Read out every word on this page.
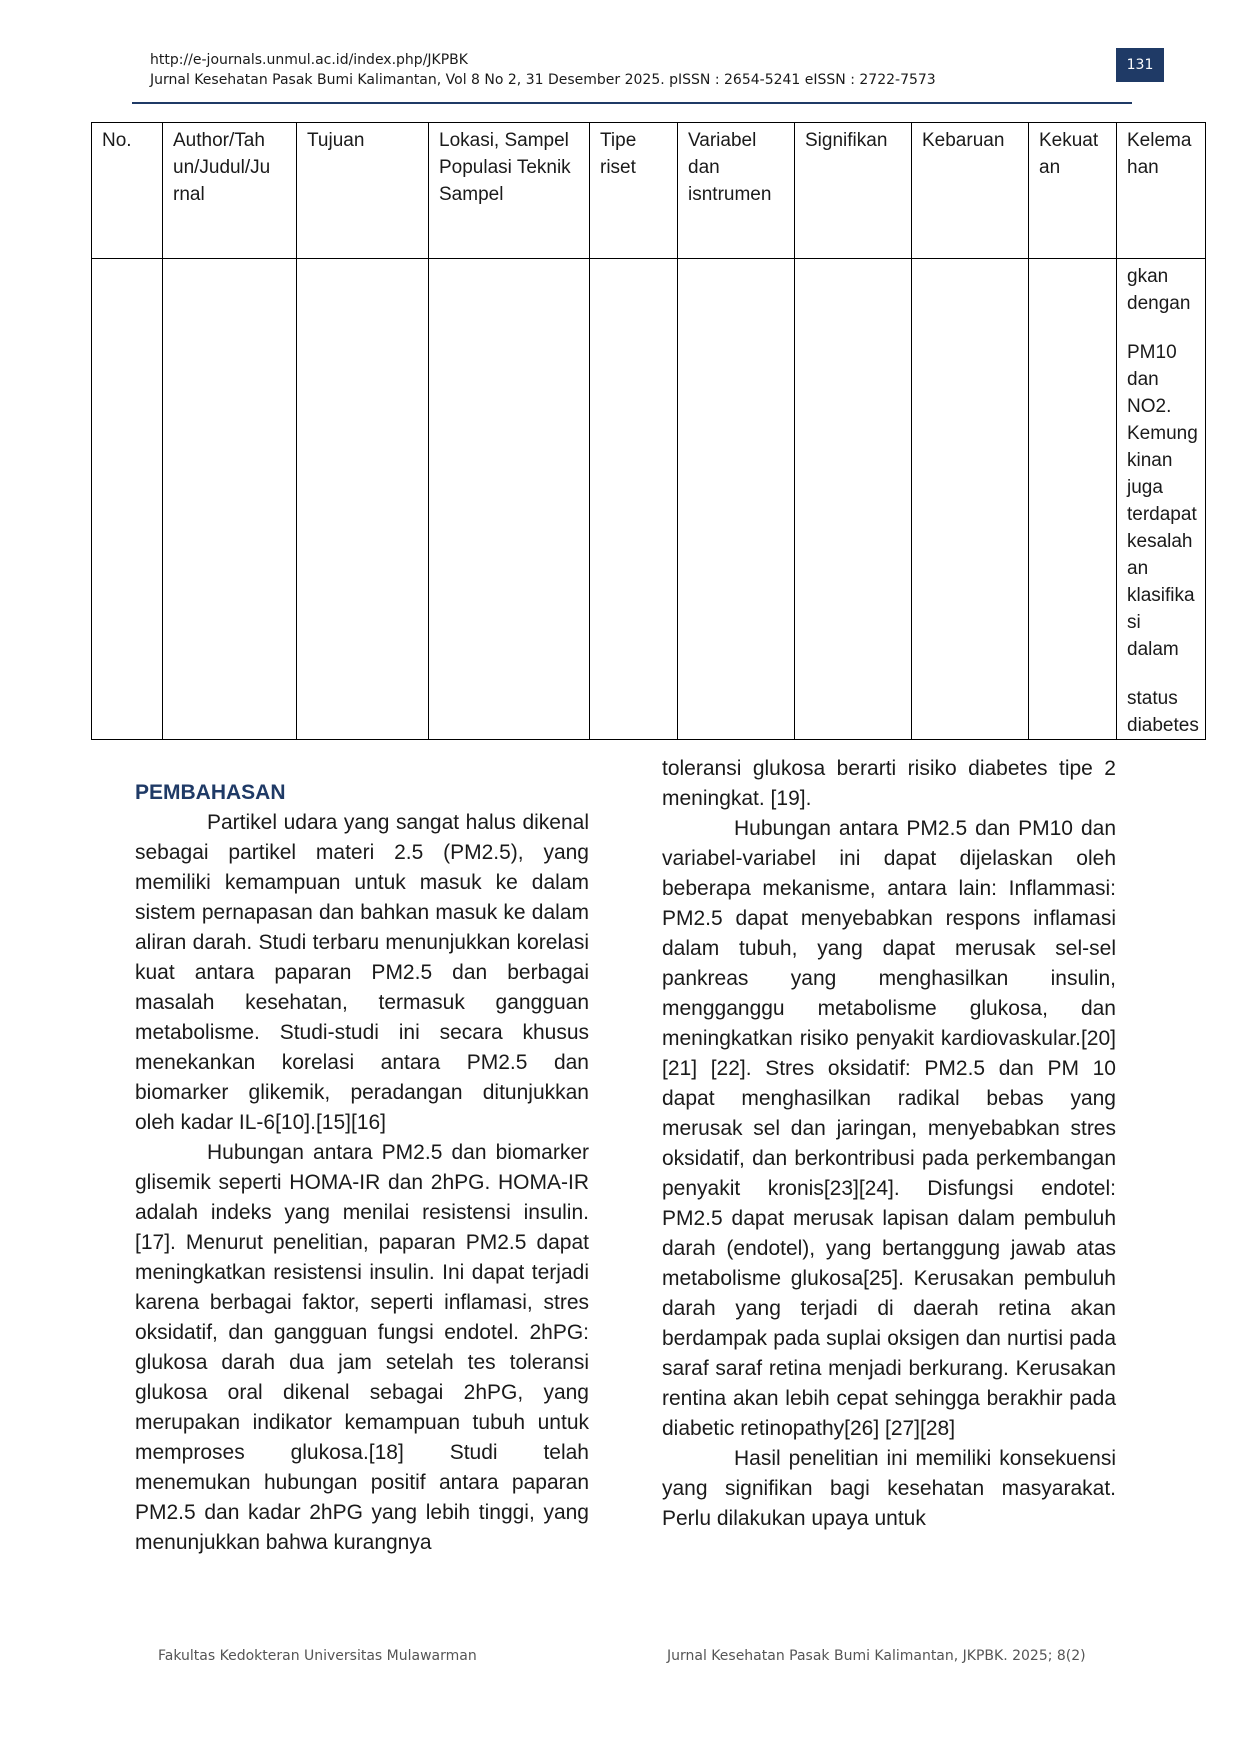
http://e-journals.unmul.ac.id/index.php/JKPBK
Jurnal Kesehatan Pasak Bumi Kalimantan, Vol 8 No 2, 31 Desember 2025. pISSN : 2654-5241 eISSN : 2722-7573
131
No.	Author/Tah un/Judul/Ju rnal	Tujuan	Lokasi, Sampel Populasi Teknik Sampel	Tipe riset	Variabel dan isntrumen	Signifikan	Kebaruan	Kekuat an	Kelema han

									gkan dengan

PM10 dan NO2. Kemung kinan juga terdapat kesalah an klasifika si dalam

status diabetes

PEMBAHASAN

Partikel udara yang sangat halus dikenal sebagai partikel materi 2.5 (PM2.5), yang memiliki kemampuan untuk masuk ke dalam sistem pernapasan dan bahkan masuk ke dalam aliran darah. Studi terbaru menunjukkan korelasi kuat antara paparan PM2.5 dan berbagai masalah kesehatan, termasuk gangguan metabolisme. Studi-studi ini secara khusus menekankan korelasi antara PM2.5 dan biomarker glikemik, peradangan ditunjukkan oleh kadar IL-6[10].[15][16]

Hubungan antara PM2.5 dan biomarker glisemik seperti HOMA-IR dan 2hPG. HOMA-IR adalah indeks yang menilai resistensi insulin.[17]. Menurut penelitian, paparan PM2.5 dapat meningkatkan resistensi insulin. Ini dapat terjadi karena berbagai faktor, seperti inflamasi, stres oksidatif, dan gangguan fungsi endotel. 2hPG: glukosa darah dua jam setelah tes toleransi glukosa oral dikenal sebagai 2hPG, yang merupakan indikator kemampuan tubuh untuk memproses glukosa.[18] Studi telah menemukan hubungan positif antara paparan PM2.5 dan kadar 2hPG yang lebih tinggi, yang menunjukkan bahwa kurangnya

toleransi glukosa berarti risiko diabetes tipe 2 meningkat. [19].

Hubungan antara PM2.5 dan PM10 dan variabel-variabel ini dapat dijelaskan oleh beberapa mekanisme, antara lain: Inflammasi: PM2.5 dapat menyebabkan respons inflamasi dalam tubuh, yang dapat merusak sel-sel pankreas yang menghasilkan insulin, mengganggu metabolisme glukosa, dan meningkatkan risiko penyakit kardiovaskular.[20][21] [22]. Stres oksidatif: PM2.5 dan PM 10 dapat menghasilkan radikal bebas yang merusak sel dan jaringan, menyebabkan stres oksidatif, dan berkontribusi pada perkembangan penyakit kronis[23][24]. Disfungsi endotel: PM2.5 dapat merusak lapisan dalam pembuluh darah (endotel), yang bertanggung jawab atas metabolisme glukosa[25]. Kerusakan pembuluh darah yang terjadi di daerah retina akan berdampak pada suplai oksigen dan nurtisi pada saraf saraf retina menjadi berkurang. Kerusakan rentina akan lebih cepat sehingga berakhir pada diabetic retinopathy[26] [27][28]

Hasil penelitian ini memiliki konsekuensi yang signifikan bagi kesehatan masyarakat. Perlu dilakukan upaya untuk

Fakultas Kedokteran Universitas Mulawarman	Jurnal Kesehatan Pasak Bumi Kalimantan, JKPBK. 2025; 8(2)
